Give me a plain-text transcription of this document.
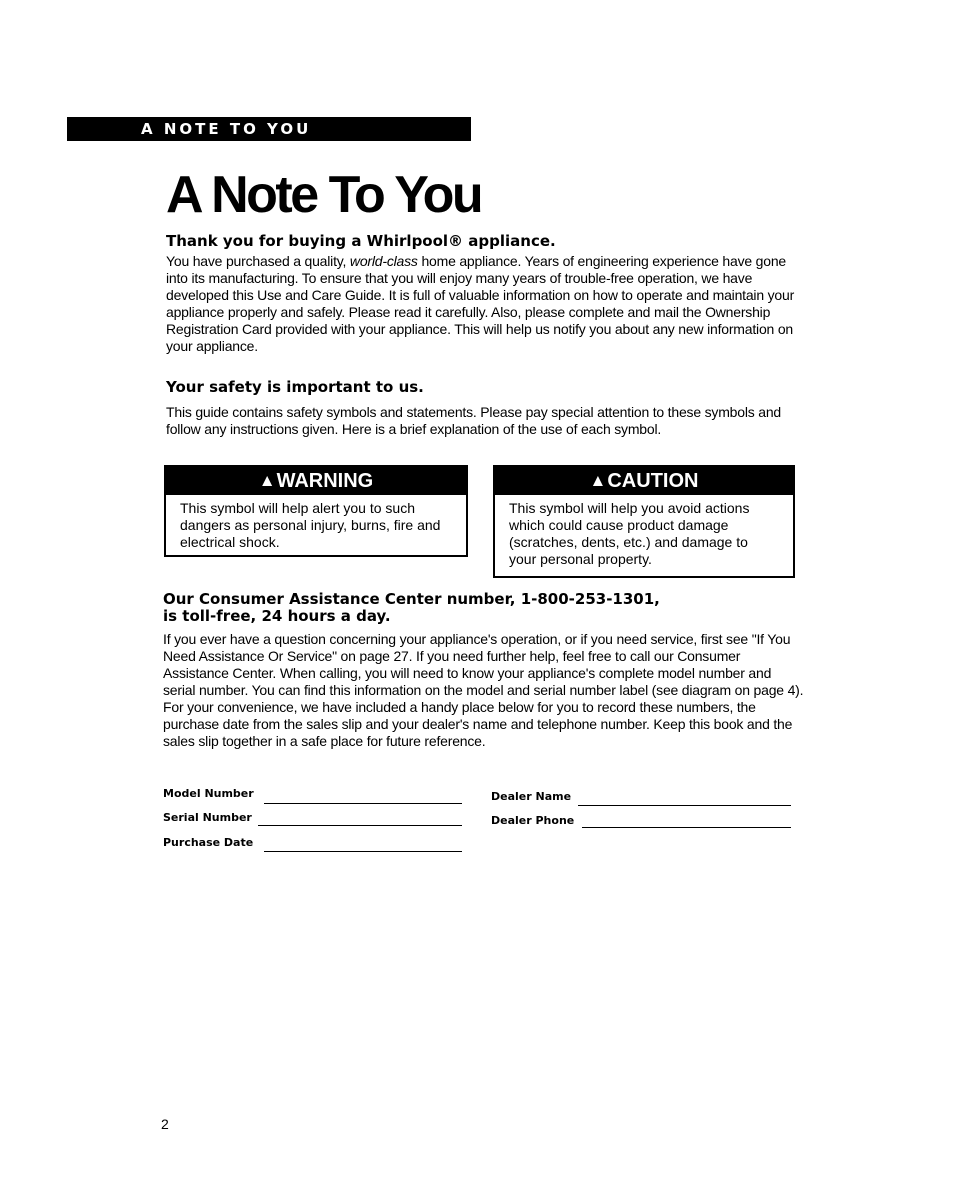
A NOTE TO YOU
A Note To You
Thank you for buying a Whirlpool® appliance.

You have purchased a quality, world-class home appliance. Years of engineering experience have gone into its manufacturing. To ensure that you will enjoy many years of trouble-free operation, we have developed this Use and Care Guide. It is full of valuable information on how to operate and maintain your appliance properly and safely. Please read it carefully. Also, please complete and mail the Ownership Registration Card provided with your appliance. This will help us notify you about any new information on your appliance.

Your safety is important to us.

This guide contains safety symbols and statements. Please pay special attention to these symbols and follow any instructions given. Here is a brief explanation of the use of each symbol.

▲WARNING

This symbol will help alert you to such dangers as personal injury, burns, fire and electrical shock.

▲CAUTION

This symbol will help you avoid actions which could cause product damage (scratches, dents, etc.) and damage to your personal property.

Our Consumer Assistance Center number, 1-800-253-1301,
is toll-free, 24 hours a day.

If you ever have a question concerning your appliance's operation, or if you need service, first see "If You Need Assistance Or Service" on page 27. If you need further help, feel free to call our Consumer Assistance Center. When calling, you will need to know your appliance's complete model number and serial number. You can find this information on the model and serial number label (see diagram on page 4). For your convenience, we have included a handy place below for you to record these numbers, the purchase date from the sales slip and your dealer's name and telephone number. Keep this book and the sales slip together in a safe place for future reference.

Model Number
Serial Number
Purchase Date
Dealer Name
Dealer Phone
2
